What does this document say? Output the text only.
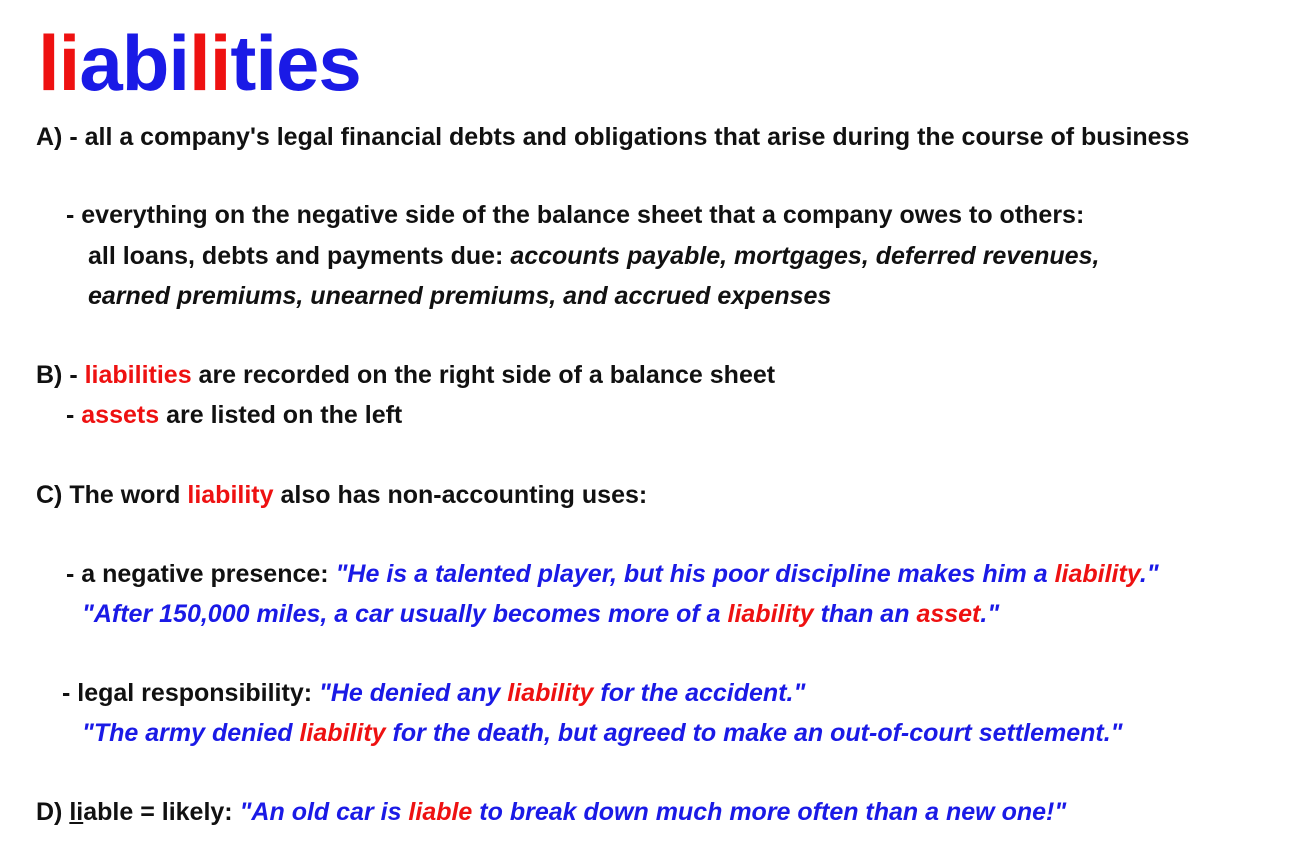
liabilities
A) - all a company's legal financial debts and obligations that arise during the course of business
- everything on the negative side of the balance sheet that a company owes to others:
all loans, debts and payments due: accounts payable, mortgages, deferred revenues,
earned premiums, unearned premiums, and accrued expenses
B) - liabilities are recorded on the right side of a balance sheet
- assets are listed on the left
C) The word liability also has non-accounting uses:
- a negative presence: "He is a talented player, but his poor discipline makes him a liability."
"After 150,000 miles, a car usually becomes more of a liability than an asset."
- legal responsibility: "He denied any liability for the accident."
"The army denied liability for the death, but agreed to make an out-of-court settlement."
D) liable = likely: "An old car is liable to break down much more often than a new one!"
